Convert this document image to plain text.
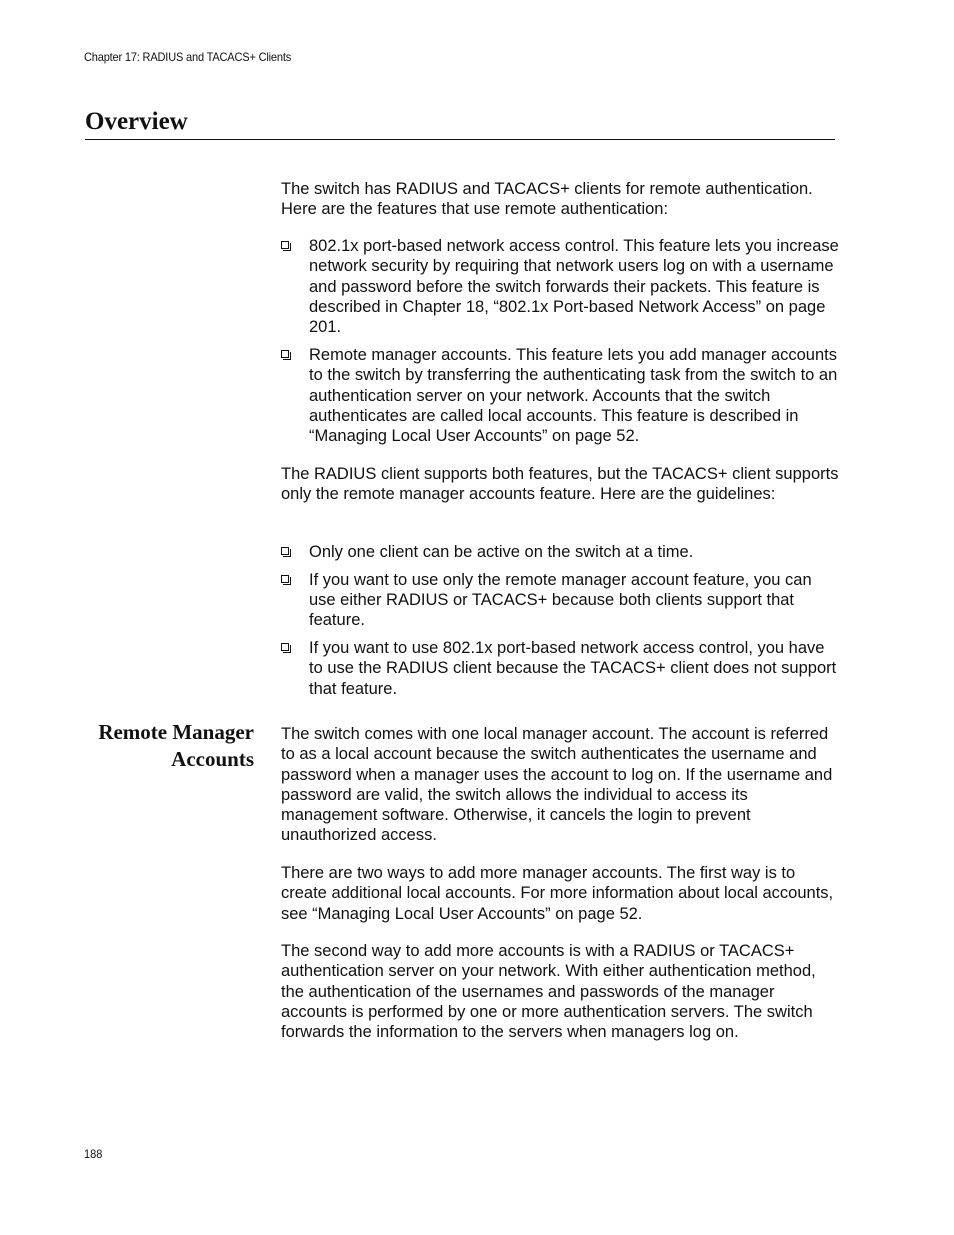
Chapter 17: RADIUS and TACACS+ Clients
Overview

The switch has RADIUS and TACACS+ clients for remote authentication. Here are the features that use remote authentication:

802.1x port-based network access control. This feature lets you increase network security by requiring that network users log on with a username and password before the switch forwards their packets. This feature is described in Chapter 18, “802.1x Port-based Network Access” on page 201.
Remote manager accounts. This feature lets you add manager accounts to the switch by transferring the authenticating task from the switch to an authentication server on your network. Accounts that the switch authenticates are called local accounts. This feature is described in “Managing Local User Accounts” on page 52.

The RADIUS client supports both features, but the TACACS+ client supports only the remote manager accounts feature. Here are the guidelines:

Only one client can be active on the switch at a time.
If you want to use only the remote manager account feature, you can use either RADIUS or TACACS+ because both clients support that feature.
If you want to use 802.1x port-based network access control, you have to use the RADIUS client because the TACACS+ client does not support that feature.
Remote Manager
Accounts

The switch comes with one local manager account. The account is referred to as a local account because the switch authenticates the username and password when a manager uses the account to log on. If the username and password are valid, the switch allows the individual to access its management software. Otherwise, it cancels the login to prevent unauthorized access.

There are two ways to add more manager accounts. The first way is to create additional local accounts. For more information about local accounts, see “Managing Local User Accounts” on page 52.

The second way to add more accounts is with a RADIUS or TACACS+ authentication server on your network. With either authentication method, the authentication of the usernames and passwords of the manager accounts is performed by one or more authentication servers. The switch forwards the information to the servers when managers log on.

188
